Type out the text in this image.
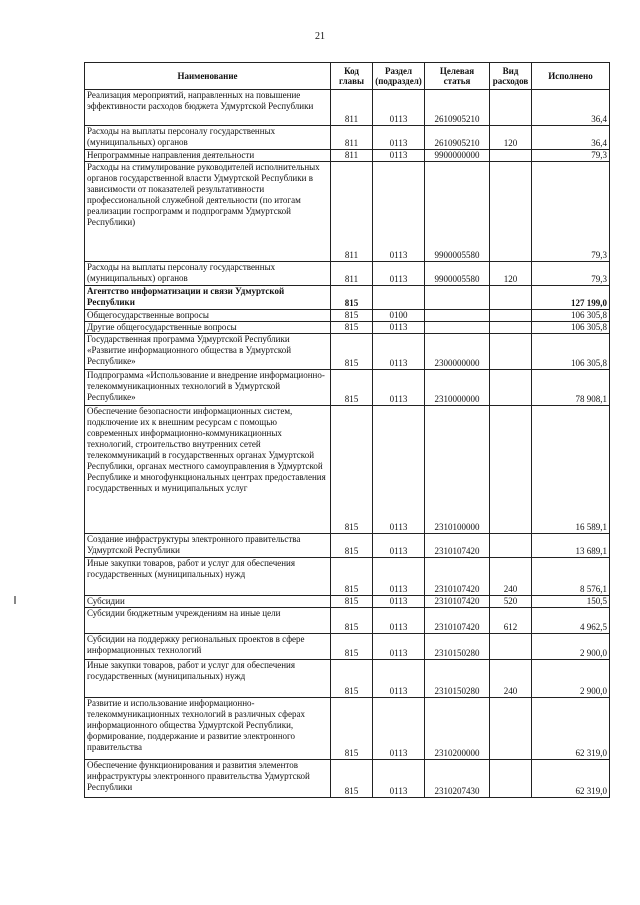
21
Наименование	Код главы	Раздел (подраздел)	Целевая статья	Вид расходов	Исполнено
Реализация мероприятий, направленных на повышение эффективности расходов бюджета Удмуртской Республики	811	0113	2610905210		36,4
Расходы на выплаты персоналу государственных (муниципальных) органов	811	0113	2610905210	120	36,4
Непрограммные направления деятельности	811	0113	9900000000		79,3
Расходы на стимулирование руководителей исполнительных органов государственной власти Удмуртской Республики в зависимости от показателей результативности профессиональной служебной деятельности (по итогам реализации госпрограмм и подпрограмм Удмуртской Республики)	811	0113	9900005580		79,3
Расходы на выплаты персоналу государственных (муниципальных) органов	811	0113	9900005580	120	79,3
Агентство информатизации и связи Удмуртской Республики	815				127 199,0
Общегосударственные вопросы	815	0100			106 305,8
Другие общегосударственные вопросы	815	0113			106 305,8
Государственная программа Удмуртской Республики «Развитие информационного общества в Удмуртской Республике»	815	0113	2300000000		106 305,8
Подпрограмма «Использование и внедрение информационно-телекоммуникационных технологий в Удмуртской Республике»	815	0113	2310000000		78 908,1
Обеспечение безопасности информационных систем, подключение их к внешним ресурсам с помощью современных информационно-коммуникационных технологий, строительство внутренних сетей телекоммуникаций в государственных органах Удмуртской Республики, органах местного самоуправления в Удмуртской Республике и многофункциональных центрах предоставления государственных и муниципальных услуг	815	0113	2310100000		16 589,1
Создание инфраструктуры электронного правительства Удмуртской Республики	815	0113	2310107420		13 689,1
Иные закупки товаров, работ и услуг для обеспечения государственных (муниципальных) нужд	815	0113	2310107420	240	8 576,1
Субсидии	815	0113	2310107420	520	150,5
Субсидии бюджетным учреждениям на иные цели	815	0113	2310107420	612	4 962,5
Субсидии на поддержку региональных проектов в сфере информационных технологий	815	0113	2310150280		2 900,0
Иные закупки товаров, работ и услуг для обеспечения государственных (муниципальных) нужд	815	0113	2310150280	240	2 900,0
Развитие и использование информационно-телекоммуникационных технологий в различных сферах информационного общества Удмуртской Республики, формирование, поддержание и развитие электронного правительства	815	0113	2310200000		62 319,0
Обеспечение функционирования и развития элементов инфраструктуры электронного правительства Удмуртской Республики	815	0113	2310207430		62 319,0
